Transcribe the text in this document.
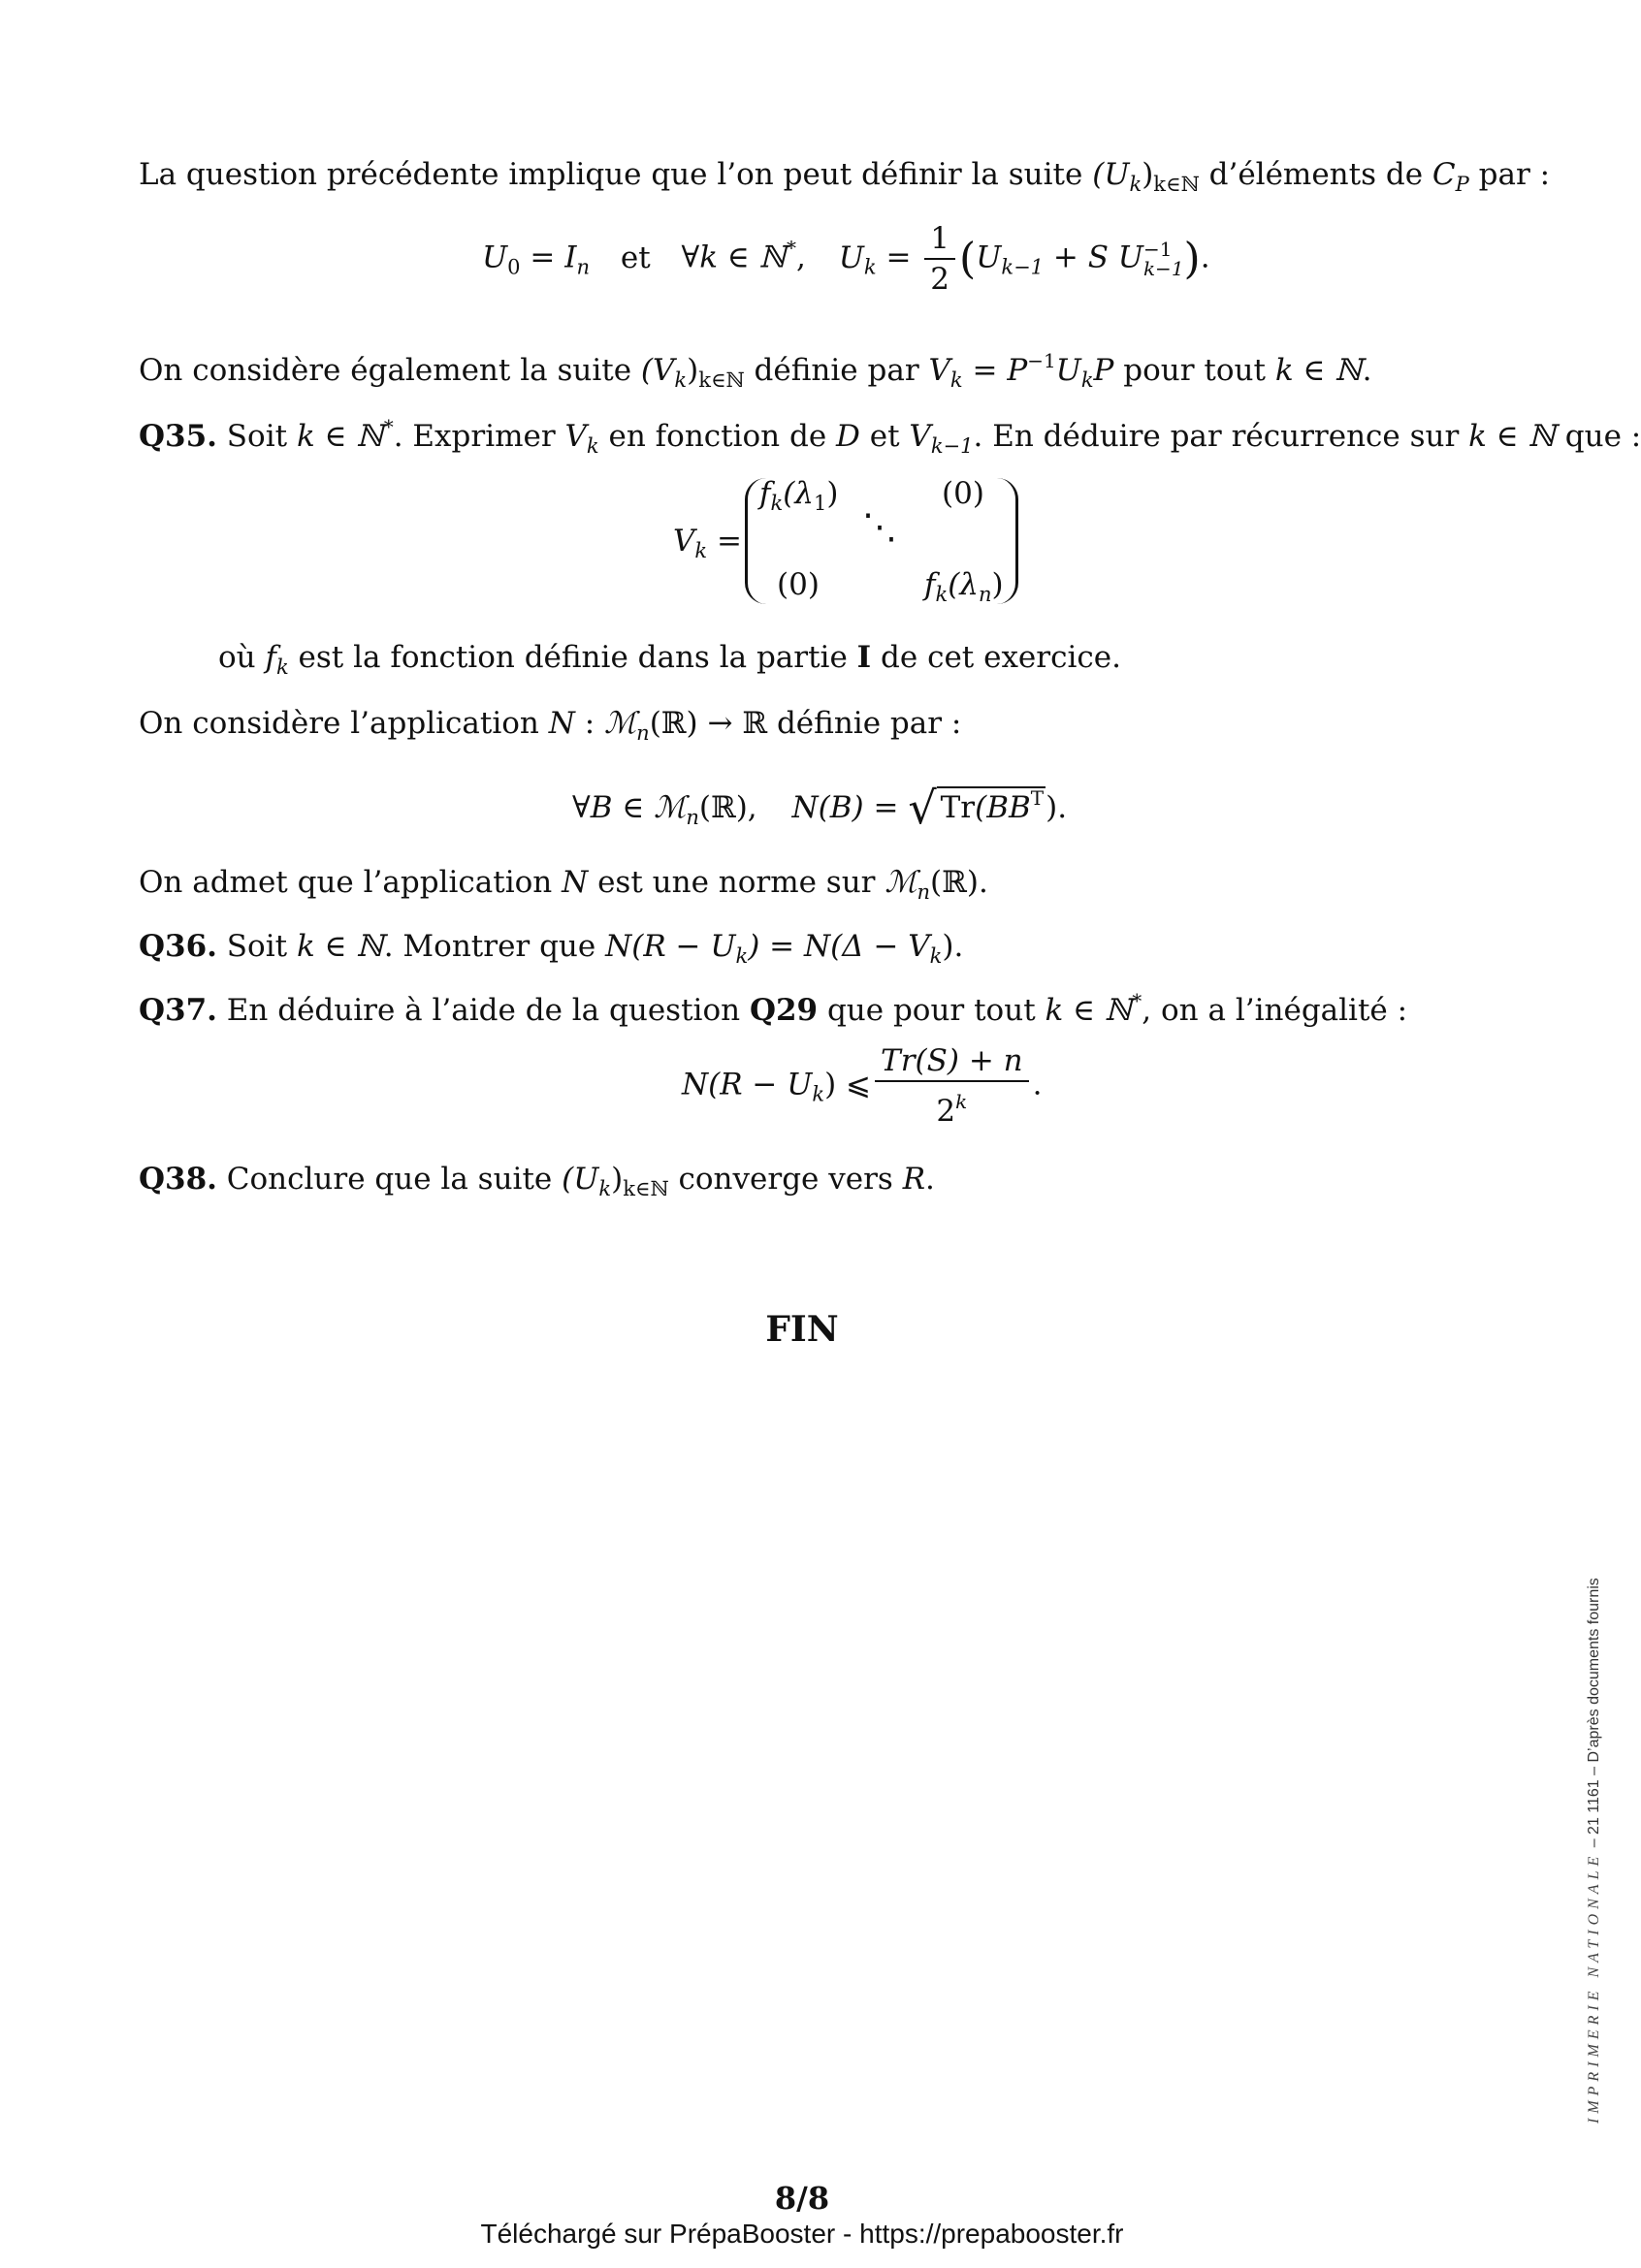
La question précédente implique que l’on peut définir la suite $(U_k)_{k\in ℕ}$ d’éléments de $C_P$ par :
$U_0 = I_n$ et ∀k ∈ ℕ*, $U_k = \frac{1}{2} (U_{k-1} + S$ U −1
k−1 ).
On considère également la suite $(V_k)_{k\in ℕ}$ définie par $V_k = P^{-1}U_kP$ pour tout k ∈ ℕ.
Q35. Soit k ∈ ℕ*. Exprimer $V_k$ en fonction de D et $V_{k-1}$. En déduire par récurrence sur k ∈ ℕ que :
$V_k$ =
$f_k(\lambda_1)$	(0)
⋱
(0)	$f_k(\lambda_n)$
où $f_k$ est la fonction définie dans la partie I de cet exercice.
On considère l’application N : ℳ$_n$(ℝ) → ℝ définie par :
∀B ∈ ℳ$_n$(ℝ), N(B) = √ $Tr(BB^T)$.
On admet que l’application N est une norme sur ℳ$_n$(ℝ).
Q36. Soit k ∈ ℕ. Montrer que $N(R - U_k) = N(\Delta - V_k)$.
Q37. En déduire à l’aide de la question Q29 que pour tout k ∈ ℕ*, on a l’inégalité :
$N(R - U_k)$ ⩽ $\frac{Tr(S) + n}{2^k}$ .
Q38. Conclure que la suite $(U_k)_{k\in ℕ}$ converge vers R.
FIN
IMPRIMERIE NATIONALE – 21 1161 – D’après documents fournis
8/8
Téléchargé sur PrépaBooster - https://prepabooster.fr
